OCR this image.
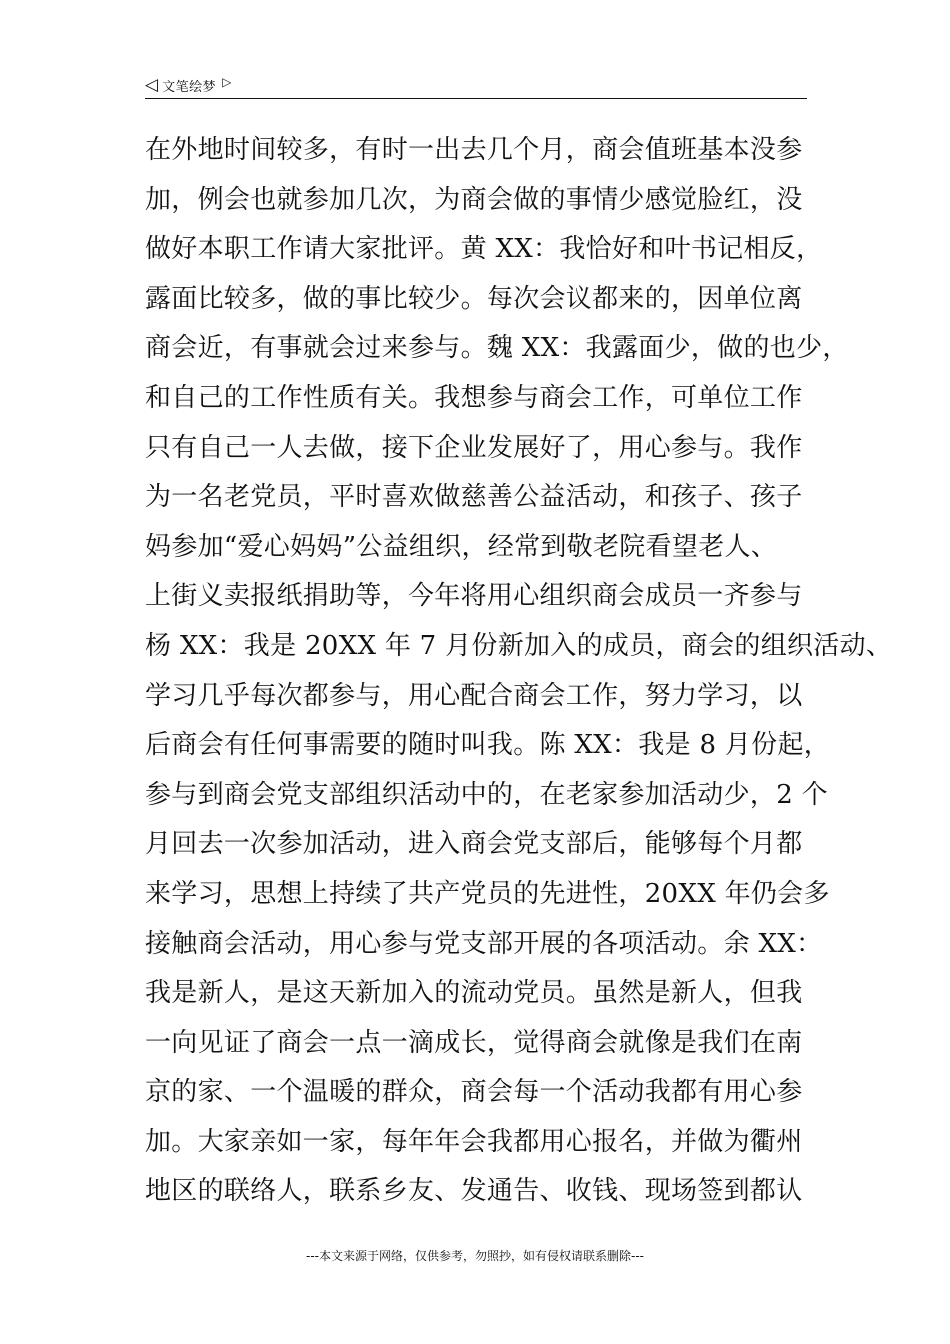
◁ 文笔绘梦 ▷
在外地时间较多，有时一出去几个月，商会值班基本没参
加，例会也就参加几次，为商会做的事情少感觉脸红，没
做好本职工作请大家批评。黄 XX：我恰好和叶书记相反，
露面比较多，做的事比较少。每次会议都来的，因单位离
商会近，有事就会过来参与。魏 XX：我露面少，做的也少，
和自己的工作性质有关。我想参与商会工作，可单位工作
只有自己一人去做，接下企业发展好了，用心参与。我作
为一名老党员，平时喜欢做慈善公益活动，和孩子、孩子
妈参加“爱心妈妈”公益组织，经常到敬老院看望老人、
上街义卖报纸捐助等，今年将用心组织商会成员一齐参与
杨 XX：我是 20XX 年 7 月份新加入的成员，商会的组织活动、
学习几乎每次都参与，用心配合商会工作，努力学习，以
后商会有任何事需要的随时叫我。陈 XX：我是 8 月份起，
参与到商会党支部组织活动中的，在老家参加活动少，2 个
月回去一次参加活动，进入商会党支部后，能够每个月都
来学习，思想上持续了共产党员的先进性，20XX 年仍会多
接触商会活动，用心参与党支部开展的各项活动。余 XX：
我是新人，是这天新加入的流动党员。虽然是新人，但我
一向见证了商会一点一滴成长，觉得商会就像是我们在南
京的家、一个温暖的群众，商会每一个活动我都有用心参
加。大家亲如一家，每年年会我都用心报名，并做为衢州
地区的联络人，联系乡友、发通告、收钱、现场签到都认
---本文来源于网络，仅供参考，勿照抄，如有侵权请联系删除---
